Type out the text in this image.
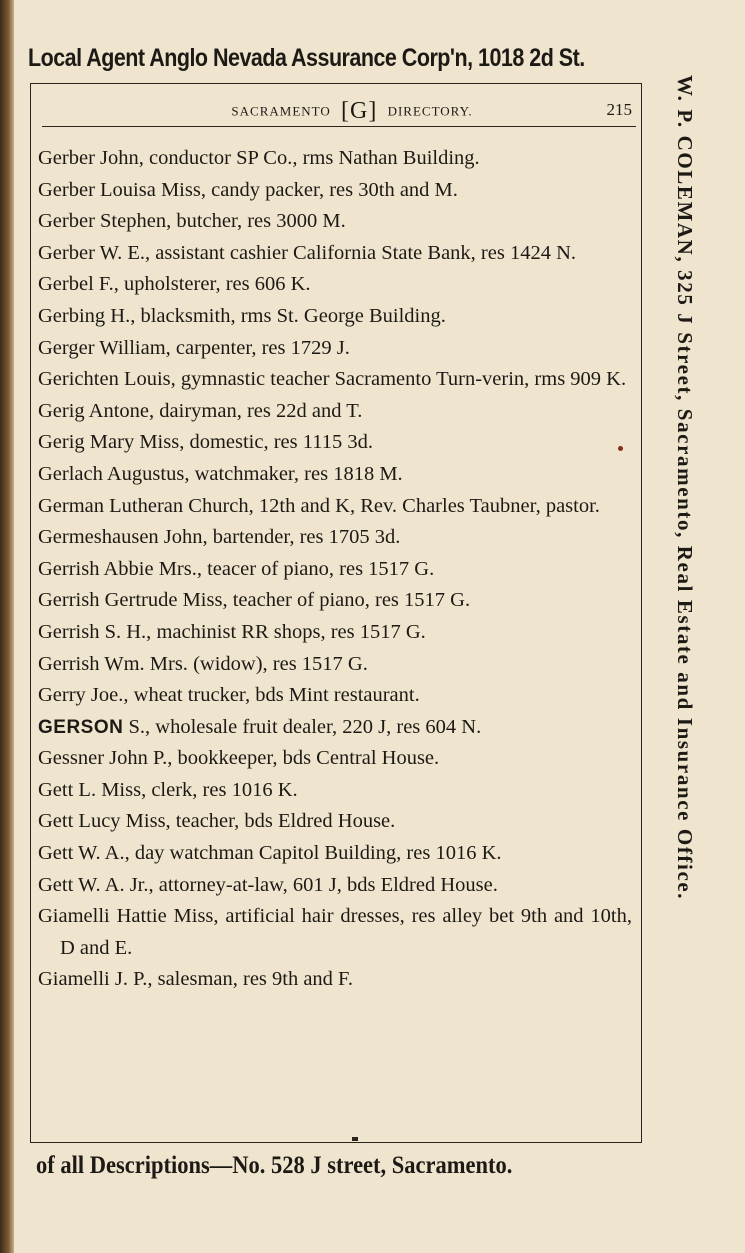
Local Agent Anglo Nevada Assurance Corp'n, 1018 2d St.
SACRAMENTO [G] DIRECTORY.	215

Gerber John, conductor SP Co., rms Nathan Building.

Gerber Louisa Miss, candy packer, res 30th and M.

Gerber Stephen, butcher, res 3000 M.

Gerber W. E., assistant cashier California State Bank, res 1424 N.

Gerbel F., upholsterer, res 606 K.

Gerbing H., blacksmith, rms St. George Building.

Gerger William, carpenter, res 1729 J.

Gerichten Louis, gymnastic teacher Sacramento Turn-verin, rms 909 K.

Gerig Antone, dairyman, res 22d and T.

Gerig Mary Miss, domestic, res 1115 3d.

Gerlach Augustus, watchmaker, res 1818 M.

German Lutheran Church, 12th and K, Rev. Charles Taubner, pastor.

Germeshausen John, bartender, res 1705 3d.

Gerrish Abbie Mrs., teacer of piano, res 1517 G.

Gerrish Gertrude Miss, teacher of piano, res 1517 G.

Gerrish S. H., machinist RR shops, res 1517 G.

Gerrish Wm. Mrs. (widow), res 1517 G.

Gerry Joe., wheat trucker, bds Mint restaurant.

GERSON S., wholesale fruit dealer, 220 J, res 604 N.

Gessner John P., bookkeeper, bds Central House.

Gett L. Miss, clerk, res 1016 K.

Gett Lucy Miss, teacher, bds Eldred House.

Gett W. A., day watchman Capitol Building, res 1016 K.

Gett W. A. Jr., attorney-at-law, 601 J, bds Eldred House.

Giamelli Hattie Miss, artificial hair dresses, res alley bet 9th and 10th, D and E.

Giamelli J. P., salesman, res 9th and F.

of all Descriptions—No. 528 J street, Sacramento.
W. P. COLEMAN, 325 J Street, Sacramento, Real Estate and Insurance Office.
